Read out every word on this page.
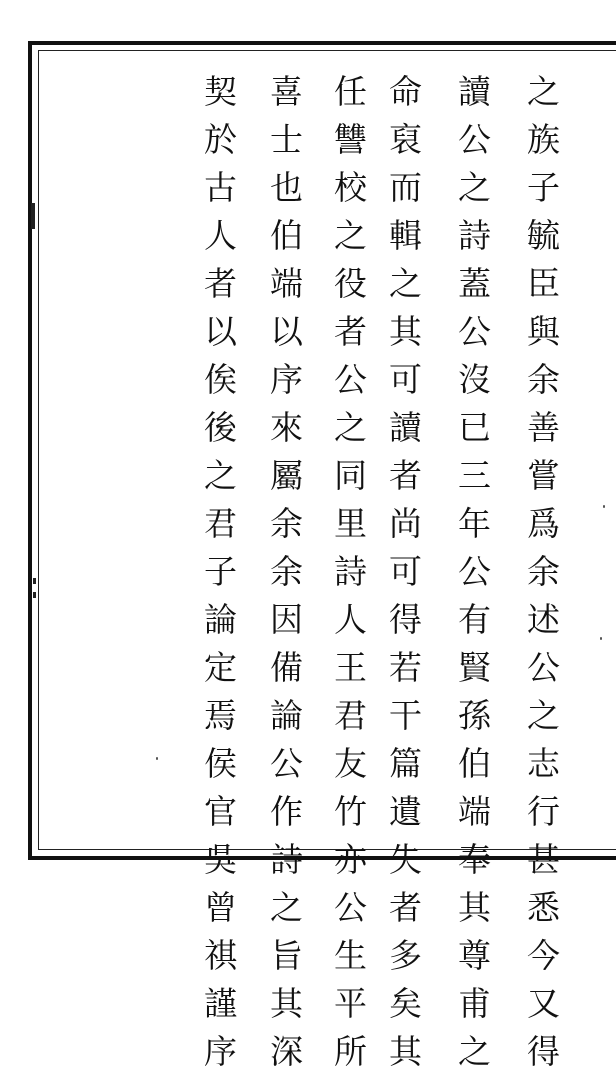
之族子毓臣與余善嘗爲余述公之志行甚悉今又得
讀公之詩蓋公沒已三年公有賢孫伯端奉其尊甫之
命裒而輯之其可讀者尚可得若干篇遺失者多矣其
任讐校之役者公之同里詩人王君友竹亦公生平所
喜士也伯端以序來屬余余因備論公作詩之旨其深
契於古人者以俟後之君子論定焉侯官吳曾祺謹序
